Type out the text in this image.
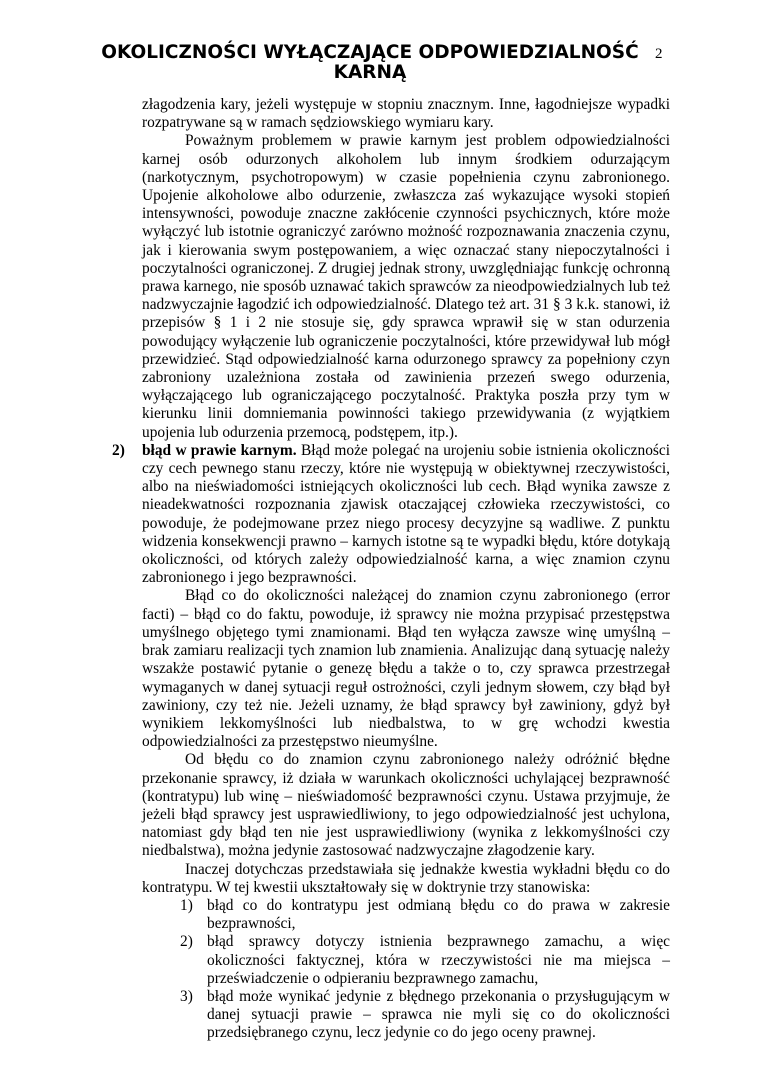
OKOLICZNOŚCI WYŁĄCZAJĄCE ODPOWIEDZIALNOŚĆ KARNĄ
2

złagodzenia kary, jeżeli występuje w stopniu znacznym. Inne, łagodniejsze wypadki rozpatrywane są w ramach sędziowskiego wymiaru kary.

Poważnym problemem w prawie karnym jest problem odpowiedzialności karnej osób odurzonych alkoholem lub innym środkiem odurzającym (narkotycznym, psychotropowym) w czasie popełnienia czynu zabronionego. Upojenie alkoholowe albo odurzenie, zwłaszcza zaś wykazujące wysoki stopień intensywności, powoduje znaczne zakłócenie czynności psychicznych, które może wyłączyć lub istotnie ograniczyć zarówno możność rozpoznawania znaczenia czynu, jak i kierowania swym postępowaniem, a więc oznaczać stany niepoczytalności i poczytalności ograniczonej. Z drugiej jednak strony, uwzględniając funkcję ochronną prawa karnego, nie sposób uznawać takich sprawców za nieodpowiedzialnych lub też nadzwyczajnie łagodzić ich odpowiedzialność. Dlatego też art. 31 § 3 k.k. stanowi, iż przepisów § 1 i 2 nie stosuje się, gdy sprawca wprawił się w stan odurzenia powodujący wyłączenie lub ograniczenie poczytalności, które przewidywał lub mógł przewidzieć. Stąd odpowiedzialność karna odurzonego sprawcy za popełniony czyn zabroniony uzależniona została od zawinienia przezeń swego odurzenia, wyłączającego lub ograniczającego poczytalność. Praktyka poszła przy tym w kierunku linii domniemania powinności takiego przewidywania (z wyjątkiem upojenia lub odurzenia przemocą, podstępem, itp.).

2) błąd w prawie karnym. Błąd może polegać na urojeniu sobie istnienia okoliczności czy cech pewnego stanu rzeczy, które nie występują w obiektywnej rzeczywistości, albo na nieświadomości istniejących okoliczności lub cech. Błąd wynika zawsze z nieadekwatności rozpoznania zjawisk otaczającej człowieka rzeczywistości, co powoduje, że podejmowane przez niego procesy decyzyjne są wadliwe. Z punktu widzenia konsekwencji prawno – karnych istotne są te wypadki błędu, które dotykają okoliczności, od których zależy odpowiedzialność karna, a więc znamion czynu zabronionego i jego bezprawności.

Błąd co do okoliczności należącej do znamion czynu zabronionego (error facti) – błąd co do faktu, powoduje, iż sprawcy nie można przypisać przestępstwa umyślnego objętego tymi znamionami. Błąd ten wyłącza zawsze winę umyślną – brak zamiaru realizacji tych znamion lub znamienia. Analizując daną sytuację należy wszakże postawić pytanie o genezę błędu a także o to, czy sprawca przestrzegał wymaganych w danej sytuacji reguł ostrożności, czyli jednym słowem, czy błąd był zawiniony, czy też nie. Jeżeli uznamy, że błąd sprawcy był zawiniony, gdyż był wynikiem lekkomyślności lub niedbalstwa, to w grę wchodzi kwestia odpowiedzialności za przestępstwo nieumyślne.

Od błędu co do znamion czynu zabronionego należy odróżnić błędne przekonanie sprawcy, iż działa w warunkach okoliczności uchylającej bezprawność (kontratypu) lub winę – nieświadomość bezprawności czynu. Ustawa przyjmuje, że jeżeli błąd sprawcy jest usprawiedliwiony, to jego odpowiedzialność jest uchylona, natomiast gdy błąd ten nie jest usprawiedliwiony (wynika z lekkomyślności czy niedbalstwa), można jedynie zastosować nadzwyczajne złagodzenie kary.

Inaczej dotychczas przedstawiała się jednakże kwestia wykładni błędu co do kontratypu. W tej kwestii ukształtowały się w doktrynie trzy stanowiska:

1) błąd co do kontratypu jest odmianą błędu co do prawa w zakresie bezprawności,
2) błąd sprawcy dotyczy istnienia bezprawnego zamachu, a więc okoliczności faktycznej, która w rzeczywistości nie ma miejsca – przeświadczenie o odpieraniu bezprawnego zamachu,
3) błąd może wynikać jedynie z błędnego przekonania o przysługującym w danej sytuacji prawie – sprawca nie myli się co do okoliczności przedsiębranego czynu, lecz jedynie co do jego oceny prawnej.
